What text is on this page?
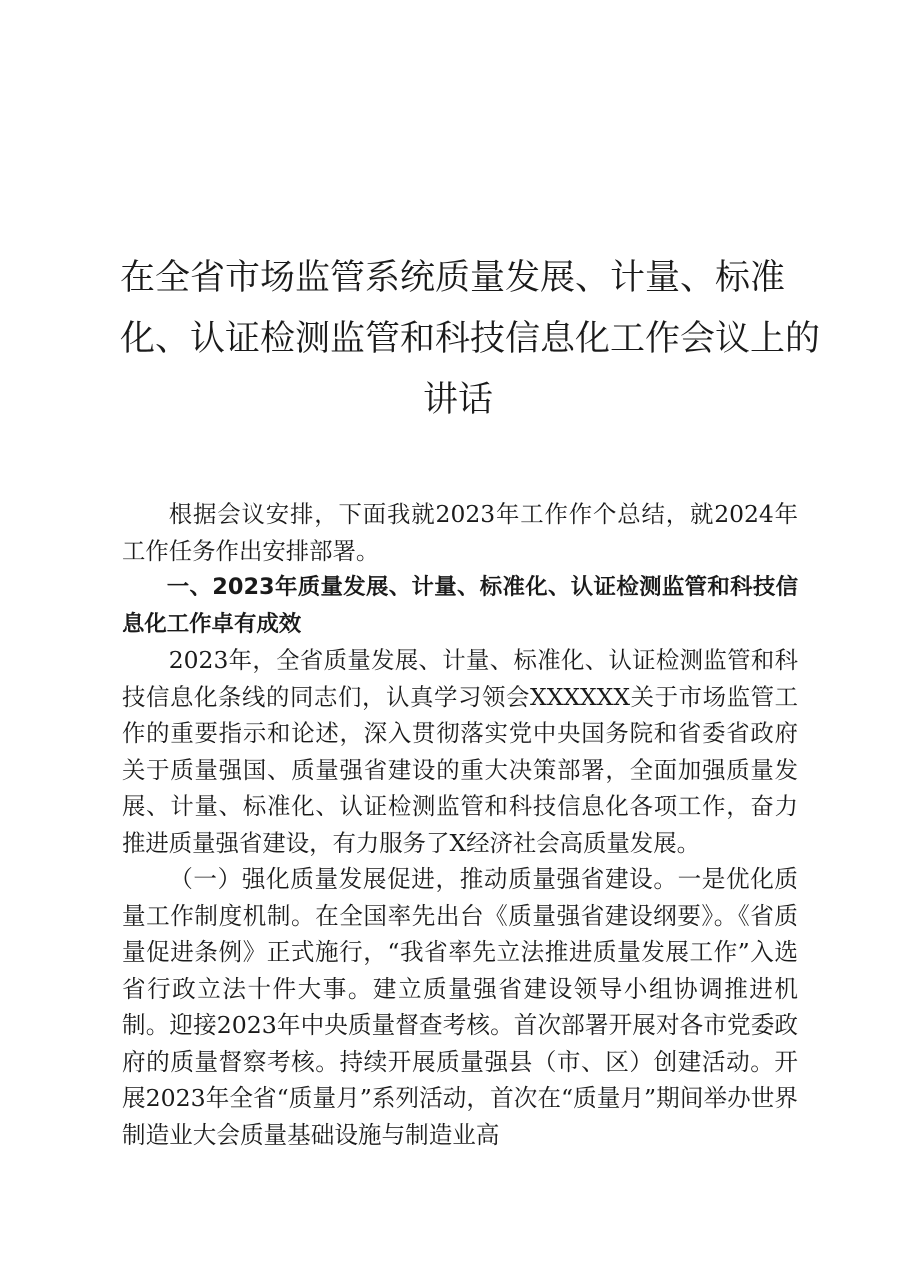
在全省市场监管系统质量发展、计量、标准
化、认证检测监管和科技信息化工作会议上的
讲话

根据会议安排，下面我就2023年工作作个总结，就2024年工作任务作出安排部署。

一、2023年质量发展、计量、标准化、认证检测监管和科技信息化工作卓有成效

2023年，全省质量发展、计量、标准化、认证检测监管和科技信息化条线的同志们，认真学习领会XXXXXX关于市场监管工作的重要指示和论述，深入贯彻落实党中央国务院和省委省政府关于质量强国、质量强省建设的重大决策部署，全面加强质量发展、计量、标准化、认证检测监管和科技信息化各项工作，奋力推进质量强省建设，有力服务了X经济社会高质量发展。

（一）强化质量发展促进，推动质量强省建设。一是优化质量工作制度机制。在全国率先出台《质量强省建设纲要》。《省质量促进条例》正式施行，“我省率先立法推进质量发展工作”入选省行政立法十件大事。建立质量强省建设领导小组协调推进机制。迎接2023年中央质量督查考核。首次部署开展对各市党委政府的质量督察考核。持续开展质量强县（市、区）创建活动。开展2023年全省“质量月”系列活动，首次在“质量月”期间举办世界制造业大会质量基础设施与制造业高
